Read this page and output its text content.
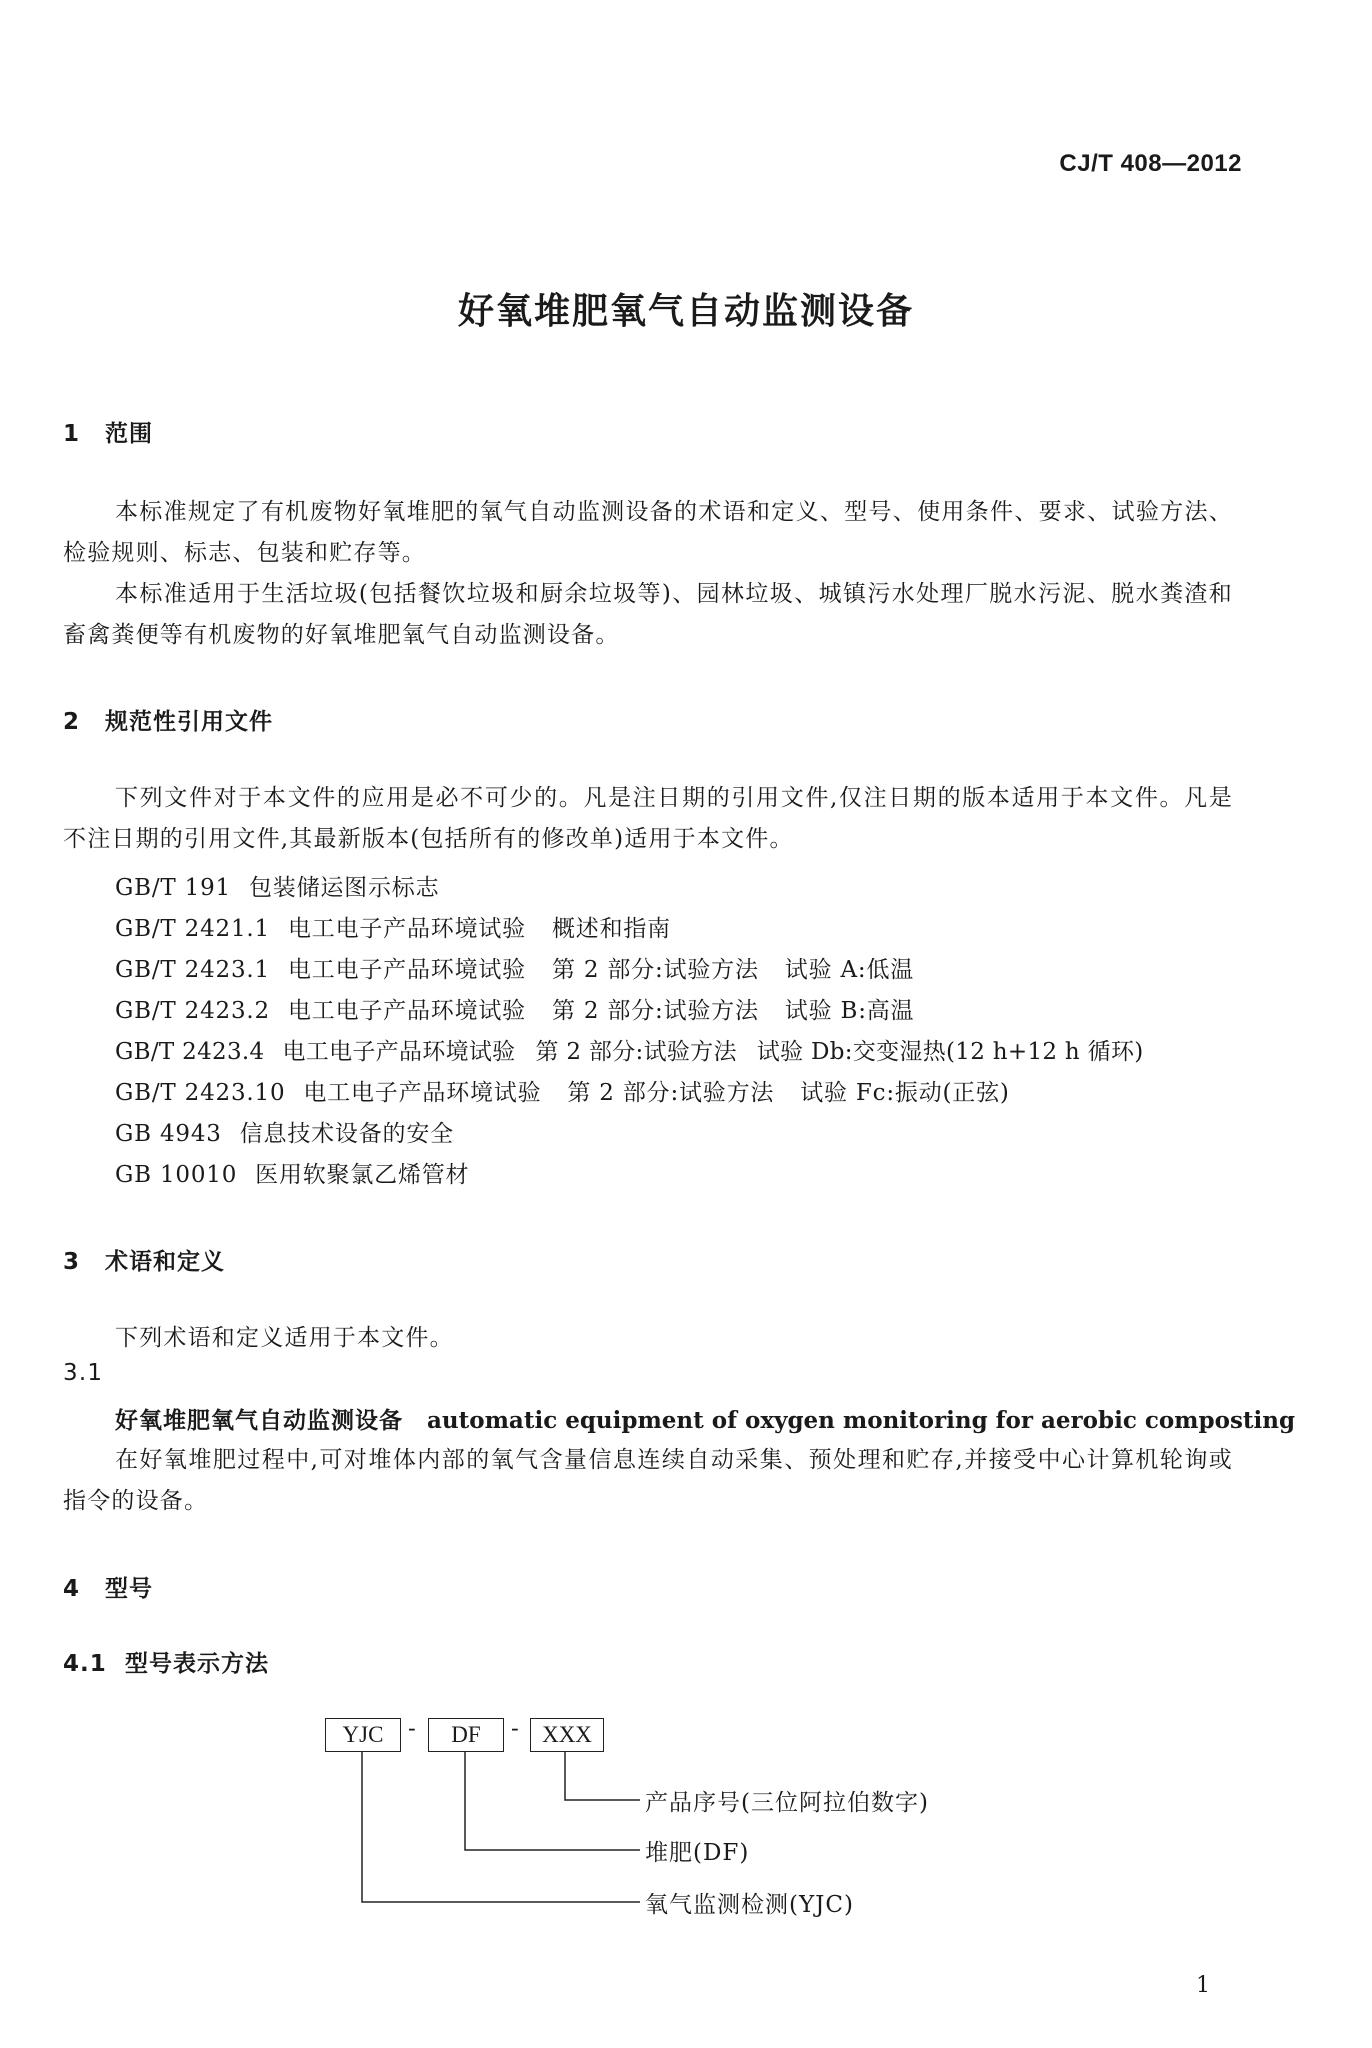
CJ/T 408—2012
好氧堆肥氧气自动监测设备
1 范围

本标准规定了有机废物好氧堆肥的氧气自动监测设备的术语和定义、型号、使用条件、要求、试验方法、检验规则、标志、包装和贮存等。

本标准适用于生活垃圾(包括餐饮垃圾和厨余垃圾等)、园林垃圾、城镇污水处理厂脱水污泥、脱水粪渣和畜禽粪便等有机废物的好氧堆肥氧气自动监测设备。

2 规范性引用文件

下列文件对于本文件的应用是必不可少的。凡是注日期的引用文件,仅注日期的版本适用于本文件。凡是不注日期的引用文件,其最新版本(包括所有的修改单)适用于本文件。

GB/T 191 包装储运图示标志
GB/T 2421.1 电工电子产品环境试验 概述和指南
GB/T 2423.1 电工电子产品环境试验 第 2 部分:试验方法 试验 A:低温
GB/T 2423.2 电工电子产品环境试验 第 2 部分:试验方法 试验 B:高温
GB/T 2423.4 电工电子产品环境试验 第 2 部分:试验方法 试验 Db:交变湿热(12 h+12 h 循环)
GB/T 2423.10 电工电子产品环境试验 第 2 部分:试验方法 试验 Fc:振动(正弦)
GB 4943 信息技术设备的安全
GB 10010 医用软聚氯乙烯管材
3 术语和定义
下列术语和定义适用于本文件。
3.1
好氧堆肥氧气自动监测设备 automatic equipment of oxygen monitoring for aerobic composting

在好氧堆肥过程中,可对堆体内部的氧气含量信息连续自动采集、预处理和贮存,并接受中心计算机轮询或指令的设备。

4 型号
4.1 型号表示方法
YJC	-	DF	-	XXX
产品序号(三位阿拉伯数字)
堆肥(DF)
氧气监测检测(YJC)
1
